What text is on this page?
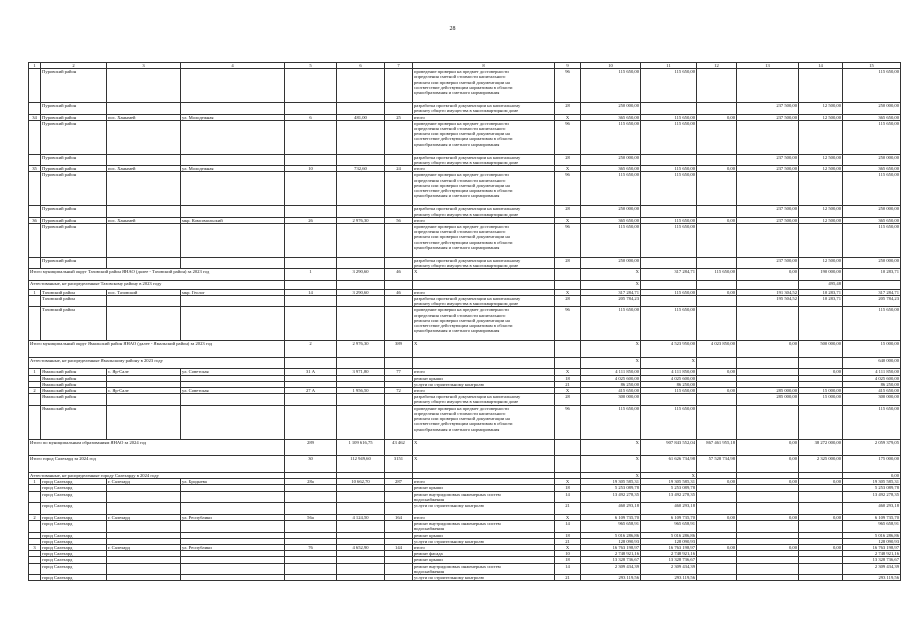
28
1	2	3	4	5	6	7	8	9	10	11	12	13	14	15	
	Пуровский район						проведение проверки на предмет достоверности
определения сметной стоимости капитального
ремонта или проверки сметной документации на
соответствие действующим нормативам в области
ценообразования и сметного нормирования	96	115 650,00	115 650,00				115 650,00	
	Пуровский район						разработка проектной документации на капитальному
ремонту общего имущества в многоквартирном доме	28	250 000,00			237 500,00	12 500,00	250 000,00	
34	Пуровский район	пос. Ханымей	ул. Молодежная	6	481,00	25	итого	X	365 650,00	115 650,00	0,00	237 500,00	12 500,00	365 650,00	
	Пуровский район						проведение проверки на предмет достоверности
определения сметной стоимости капитального
ремонта или проверки сметной документации на
соответствие действующим нормативам в области
ценообразования и сметного нормирования	96	115 650,00	115 650,00				115 650,00	
	Пуровский район						разработка проектной документации на капитальному
ремонту общего имущества в многоквартирном доме	28	250 000,00			237 500,00	12 500,00	250 000,00	
35	Пуровский район	пос. Ханымей	ул. Молодежная	10	732,60	24	итого	X	365 650,00	115 650,00	0,00	237 500,00	12 500,00	365 650,00	
	Пуровский район						проведение проверки на предмет достоверности
определения сметной стоимости капитального
ремонта или проверки сметной документации на
соответствие действующим нормативам в области
ценообразования и сметного нормирования	96	115 650,00	115 650,00				115 650,00	
	Пуровский район						разработка проектной документации на капитальному
ремонту общего имущества в многоквартирном доме	28	250 000,00			237 500,00	12 500,00	250 000,00	
36	Пуровский район	пос. Ханымей	мкр. Комсомольский	26	2 976,30	56	итого	X	365 650,00	115 650,00	0,00	237 500,00	12 500,00	365 650,00	
	Пуровский район						проведение проверки на предмет достоверности
определения сметной стоимости капитального
ремонта или проверки сметной документации на
соответствие действующим нормативам в области
ценообразования и сметного нормирования	96	115 650,00	115 650,00				115 650,00	
	Пуровский район						разработка проектной документации на капитальному
ремонту общего имущества в многоквартирном доме	28	250 000,00			237 500,00	12 500,00	250 000,00	
Итого муниципальный округ Тазовский район ЯНАО (далее - Тазовский район) за 2023 год				1	3 290,60	46	X		X	317 284,71	115 650,00	0,00	190 000,00	10 283,71	
Аттестованные, не распределенные Тазовскому району в 2023 году									X				495,48		
1	Тазовский район	пос. Тазовский	мкр. Геолог	14	3 290,60	46	итого	X	317 284,71	115 650,00	0,00	191 304,52	10 283,71	317 284,71	
	Тазовский район						разработка проектной документации на капитальному
ремонту общего имущества в многоквартирном доме	28	205 784,23			195 504,52	10 283,71	205 784,23	
	Тазовский район						проведение проверки на предмет достоверности
определения сметной стоимости капитального
ремонта или проверки сметной документации на
соответствие действующим нормативам в области
ценообразования и сметного нормирования	96	115 650,00	115 650,00				115 650,00	
Итого муниципальный округ Ямальский район ЯНАО (далее - Ямальский район) за 2023 год				2	2 976,30	389	X		X	4 523 950,00	4 023 850,00	0,00	500 000,00	15 000,00	
Аттестованные, не распределенные Ямальскому району в 2023 году									X	X				640 000,00		
1	Ямальский район	с. Яр-Сале	ул. Советская	31 А	3 971,80	77	итого	X	4 111 850,00	4 111 850,00	0,00		0,00	4 111 850,00	
	Ямальский район						ремонт крыши	18	4 025 600,00	4 025 600,00				4 025 600,00	
	Ямальский район						услуги по строительному контролю	21	86 250,00	86 250,00				86 250,00	
2	Ямальский район	с. Яр-Сале	ул. Советская	27 А	1 956,50	72	итого	X	415 650,00	115 650,00	0,00	285 000,00	15 000,00	415 650,00	
	Ямальский район						разработка проектной документации на капитальному
ремонту общего имущества в многоквартирном доме	28	300 000,00			285 000,00	15 000,00	300 000,00	
	Ямальский район						проведение проверки на предмет достоверности
определения сметной стоимости капитального
ремонта или проверки сметной документации на
соответствие действующим нормативам в области
ценообразования и сметного нормирования	96	115 650,00	115 650,00				115 650,00	
Итого по муниципальным образованиям ЯНАО за 2024 год				289	1 109 616,75	43 462	X		X	907 843 552,04	867 461 955,18	0,00	38 272 000,00	2 059 379,05	
Итого город Салехард за 2024 год				30	112 949,60	3151	X		X	61 626 734,98	57 528 734,98	0,00	2 325 000,00	175 000,00	
Аттестованные, не распределенные городу Салехарду в 2024 году									X	X				0,00		
1	город Салехард	г. Салехард	ул. Броднева	28а	10 662,70	287	итого	X	19 305 585,31	19 305 585,31	0,00	0,00	0,00	19 305 585,31	
	город Салехард						ремонт крыши	18	5 253 089,78	5 253 089,78				5 253 089,78	
	город Салехард						ремонт внутридомовых инженерных систем
водоснабжения	14	13 492 278,35	13 492 278,35				13 492 278,35	
	город Салехард						услуги по строительному контролю	21	460 293,18	460 293,18				460 293,18	
2	город Салехард	г. Салехард	ул. Республики	56а	4 124,50	164	итого	X	6 109 735,70	6 109 735,70	0,00	0,00	0,00	6 109 735,70	
	город Салехард						ремонт внутридомовых инженерных систем
водоснабжения	14	965 658,91	965 658,91				965 658,91	
	город Салехард						ремонт крыши	18	5 016 286,86	5 016 286,86				5 016 286,86	
	город Салехард						услуги по строительному контролю	21	128 090,93	128 090,93				128 090,93	
3	город Салехард	г. Салехард	ул. Республики	76	4 652,90	144	итого	X	16 763 198,97	16 763 198,97	0,00	0,00	0,00	16 763 198,97	
	город Салехард						ремонт фасада	10	2 748 921,16	2 748 921,16				2 748 921,16	
	город Салехард						ремонт крыши	18	13 328 736,67	13 328 736,67				13 328 736,67	
	город Салехард						ремонт внутридомовых инженерных систем
водоснабжения	14	2 309 434,39	2 309 434,39				2 309 434,39	
	город Салехард						услуги по строительному контролю	21	293 119,56	293 119,56				293 119,56	
